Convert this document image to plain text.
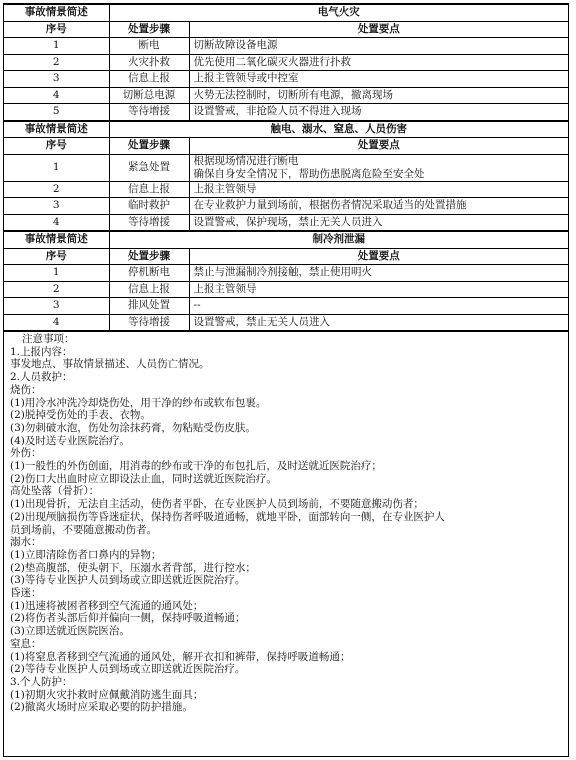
事故情景简述	电气火灾	
序号	处置步骤	处置要点
1	断电	切断故障设备电源
2	火灾扑救	优先使用二氧化碳灭火器进行扑救
3	信息上报	上报主管领导或中控室
4	切断总电源	火势无法控制时，切断所有电源，撤离现场
5	等待增援	设置警戒，非抢险人员不得进入现场
事故情景简述	触电、溺水、窒息、人员伤害	
序号	处置步骤	处置要点
1	紧急处置	根据现场情况进行断电
确保自身安全情况下，帮助伤患脱离危险至安全处
2	信息上报	上报主管领导
3	临时救护	在专业救护力量到场前，根据伤者情况采取适当的处置措施
4	等待增援	设置警戒，保护现场，禁止无关人员进入
事故情景简述	制冷剂泄漏	
序号	处置步骤	处置要点
1	停机断电	禁止与泄漏制冷剂接触，禁止使用明火
2	信息上报	上报主管领导
3	排风处置	--
4	等待增援	设置警戒，禁止无关人员进入
注意事项：
1.上报内容：
事发地点、事故情景描述、人员伤亡情况。
2.人员救护：
烧伤：
(1)用冷水冲洗冷却烧伤处，用干净的纱布或软布包裹。
(2)脱掉受伤处的手表、衣物。
(3)勿刺破水泡，伤处勿涂抹药膏，勿粘贴受伤皮肤。
(4)及时送专业医院治疗。
外伤：
(1)一般性的外伤创面，用消毒的纱布或干净的布包扎后，及时送就近医院治疗；
(2)伤口大出血时应立即设法止血，同时送就近医院治疗。
高处坠落（骨折）：
(1)出现骨折，无法自主活动，使伤者平卧，在专业医护人员到场前，不要随意搬动伤者；
(2)出现颅脑损伤等昏迷症状，保持伤者呼吸道通畅，就地平卧，面部转向一侧，在专业医护人
员到场前，不要随意搬动伤者。
溺水：
(1)立即清除伤者口鼻内的异物；
(2)垫高腹部，使头朝下，压溺水者背部，进行控水；
(3)等待专业医护人员到场或立即送就近医院治疗。
昏迷：
(1)迅速将被困者移到空气流通的通风处；
(2)将伤者头部后仰并偏向一侧，保持呼吸道畅通；
(3)立即送就近医院医治。
窒息：
(1)将窒息者移到空气流通的通风处，解开衣扣和裤带，保持呼吸道畅通；
(2)等待专业医护人员到场或立即送就近医院治疗。
3.个人防护：
(1)初期火灾扑救时应佩戴消防逃生面具；
(2)撤离火场时应采取必要的防护措施。
